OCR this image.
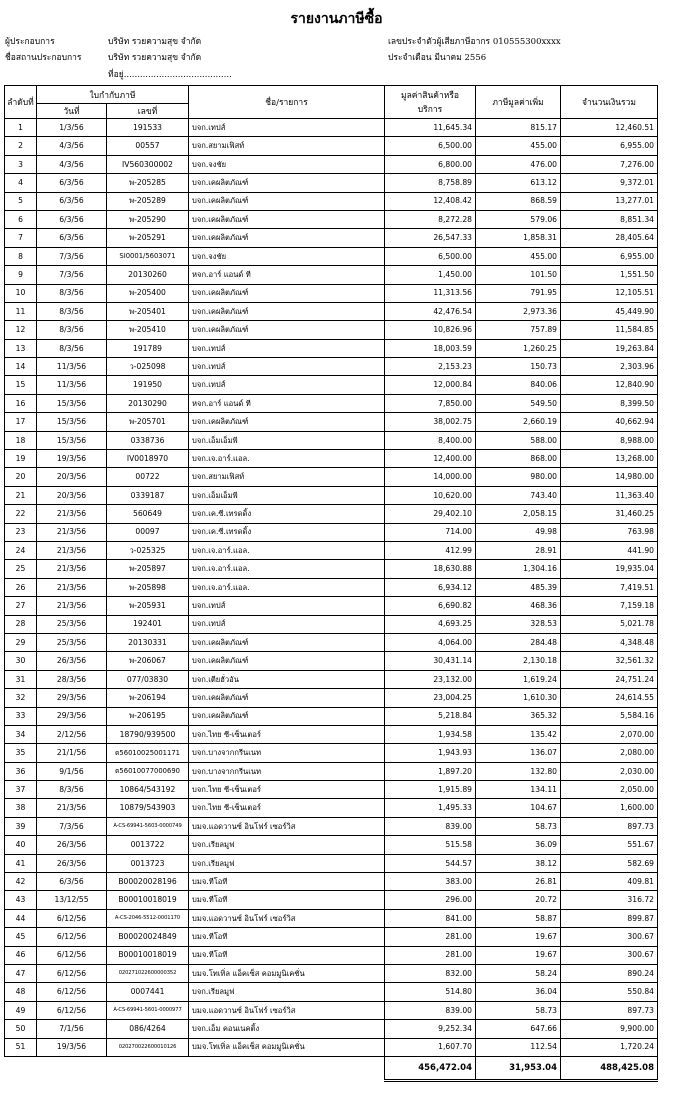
รายงานภาษีซื้อ
ผู้ประกอบการ	บริษัท รวยความสุข จำกัด
ชื่อสถานประกอบการ	บริษัท รวยความสุข จำกัด
ที่อยู่........................................
เลขประจำตัวผู้เสียภาษีอากร 010555300xxxx
ประจำเดือน มีนาคม 2556
ลำดับที่	ใบกำกับภาษี		ชื่อ/รายการ	มูลค่าสินค้าหรือ
บริการ	ภาษีมูลค่าเพิ่ม	จำนวนเงินรวม
	วันที่	เลขที่				
1	1/3/56	191533	บจก.เทปส์	11,645.34	815.17	12,460.51
2	4/3/56	00557	บจก.สยามเฟิสท์	6,500.00	455.00	6,955.00
3	4/3/56	IV560300002	บจก.จงชัย	6,800.00	476.00	7,276.00
4	6/3/56	พ-205285	บจก.เคผลิตภัณฑ์	8,758.89	613.12	9,372.01
5	6/3/56	พ-205289	บจก.เคผลิตภัณฑ์	12,408.42	868.59	13,277.01
6	6/3/56	พ-205290	บจก.เคผลิตภัณฑ์	8,272.28	579.06	8,851.34
7	6/3/56	พ-205291	บจก.เคผลิตภัณฑ์	26,547.33	1,858.31	28,405.64
8	7/3/56	SI0001/5603071	บจก.จงชัย	6,500.00	455.00	6,955.00
9	7/3/56	20130260	หจก.อาร์ แอนด์ ที	1,450.00	101.50	1,551.50
10	8/3/56	พ-205400	บจก.เคผลิตภัณฑ์	11,313.56	791.95	12,105.51
11	8/3/56	พ-205401	บจก.เคผลิตภัณฑ์	42,476.54	2,973.36	45,449.90
12	8/3/56	พ-205410	บจก.เคผลิตภัณฑ์	10,826.96	757.89	11,584.85
13	8/3/56	191789	บจก.เทปส์	18,003.59	1,260.25	19,263.84
14	11/3/56	ว-025098	บจก.เทปส์	2,153.23	150.73	2,303.96
15	11/3/56	191950	บจก.เทปส์	12,000.84	840.06	12,840.90
16	15/3/56	20130290	หจก.อาร์ แอนด์ ที	7,850.00	549.50	8,399.50
17	15/3/56	พ-205701	บจก.เคผลิตภัณฑ์	38,002.75	2,660.19	40,662.94
18	15/3/56	0338736	บจก.เอ็มเอ็มพี	8,400.00	588.00	8,988.00
19	19/3/56	IV0018970	บจก.เจ.อาร์.แอล.	12,400.00	868.00	13,268.00
20	20/3/56	00722	บจก.สยามเฟิสท์	14,000.00	980.00	14,980.00
21	20/3/56	0339187	บจก.เอ็มเอ็มพี	10,620.00	743.40	11,363.40
22	21/3/56	560649	บจก.เค.ซี.เทรดดิ้ง	29,402.10	2,058.15	31,460.25
23	21/3/56	00097	บจก.เค.ซี.เทรดดิ้ง	714.00	49.98	763.98
24	21/3/56	ว-025325	บจก.เจ.อาร์.แอล.	412.99	28.91	441.90
25	21/3/56	พ-205897	บจก.เจ.อาร์.แอล.	18,630.88	1,304.16	19,935.04
26	21/3/56	พ-205898	บจก.เจ.อาร์.แอล.	6,934.12	485.39	7,419.51
27	21/3/56	พ-205931	บจก.เทปส์	6,690.82	468.36	7,159.18
28	25/3/56	192401	บจก.เทปส์	4,693.25	328.53	5,021.78
29	25/3/56	20130331	บจก.เคผลิตภัณฑ์	4,064.00	284.48	4,348.48
30	26/3/56	พ-206067	บจก.เคผลิตภัณฑ์	30,431.14	2,130.18	32,561.32
31	28/3/56	077/03830	บจก.เตียฮั่วอัน	23,132.00	1,619.24	24,751.24
32	29/3/56	พ-206194	บจก.เคผลิตภัณฑ์	23,004.25	1,610.30	24,614.55
33	29/3/56	พ-206195	บจก.เคผลิตภัณฑ์	5,218.84	365.32	5,584.16
34	2/12/56	18790/939500	บจก.ไทย ซี-เซ็นเตอร์	1,934.58	135.42	2,070.00
35	21/1/56	ต56010025001171	บจก.บางจากกรีนเนท	1,943.93	136.07	2,080.00
36	9/1/56	ต56010077000690	บจก.บางจากกรีนเนท	1,897.20	132.80	2,030.00
37	8/3/56	10864/543192	บจก.ไทย ซี-เซ็นเตอร์	1,915.89	134.11	2,050.00
38	21/3/56	10879/543903	บจก.ไทย ซี-เซ็นเตอร์	1,495.33	104.67	1,600.00
39	7/3/56	A-CS-69941-5603-0000749	บมจ.แอดวานซ์ อินโฟร์ เซอร์วิส	839.00	58.73	897.73
40	26/3/56	0013722	บจก.เรียลมูฟ	515.58	36.09	551.67
41	26/3/56	0013723	บจก.เรียลมูฟ	544.57	38.12	582.69
42	6/3/56	B00020028196	บมจ.ทีโอที	383.00	26.81	409.81
43	13/12/55	B00010018019	บมจ.ทีโอที	296.00	20.72	316.72
44	6/12/56	A-CS-2046-5512-0001170	บมจ.แอดวานซ์ อินโฟร์ เซอร์วิส	841.00	58.87	899.87
45	6/12/56	B00020024849	บมจ.ทีโอที	281.00	19.67	300.67
46	6/12/56	B00010018019	บมจ.ทีโอที	281.00	19.67	300.67
47	6/12/56	020271022600000352	บมจ.โทเทิ่ล แอ็คเซ็ส คอมมูนิเคชั่น	832.00	58.24	890.24
48	6/12/56	0007441	บจก.เรียลมูฟ	514.80	36.04	550.84
49	6/12/56	A-CS-69941-5601-0000977	บมจ.แอดวานซ์ อินโฟร์ เซอร์วิส	839.00	58.73	897.73
50	7/1/56	086/4264	บจก.เอ็ม คอนเนคติ้ง	9,252.34	647.66	9,900.00
51	19/3/56	020270022600010126	บมจ.โทเทิ่ล แอ็คเซ็ส คอมมูนิเคชั่น	1,607.70	112.54	1,720.24
				456,472.04	31,953.04	488,425.08
